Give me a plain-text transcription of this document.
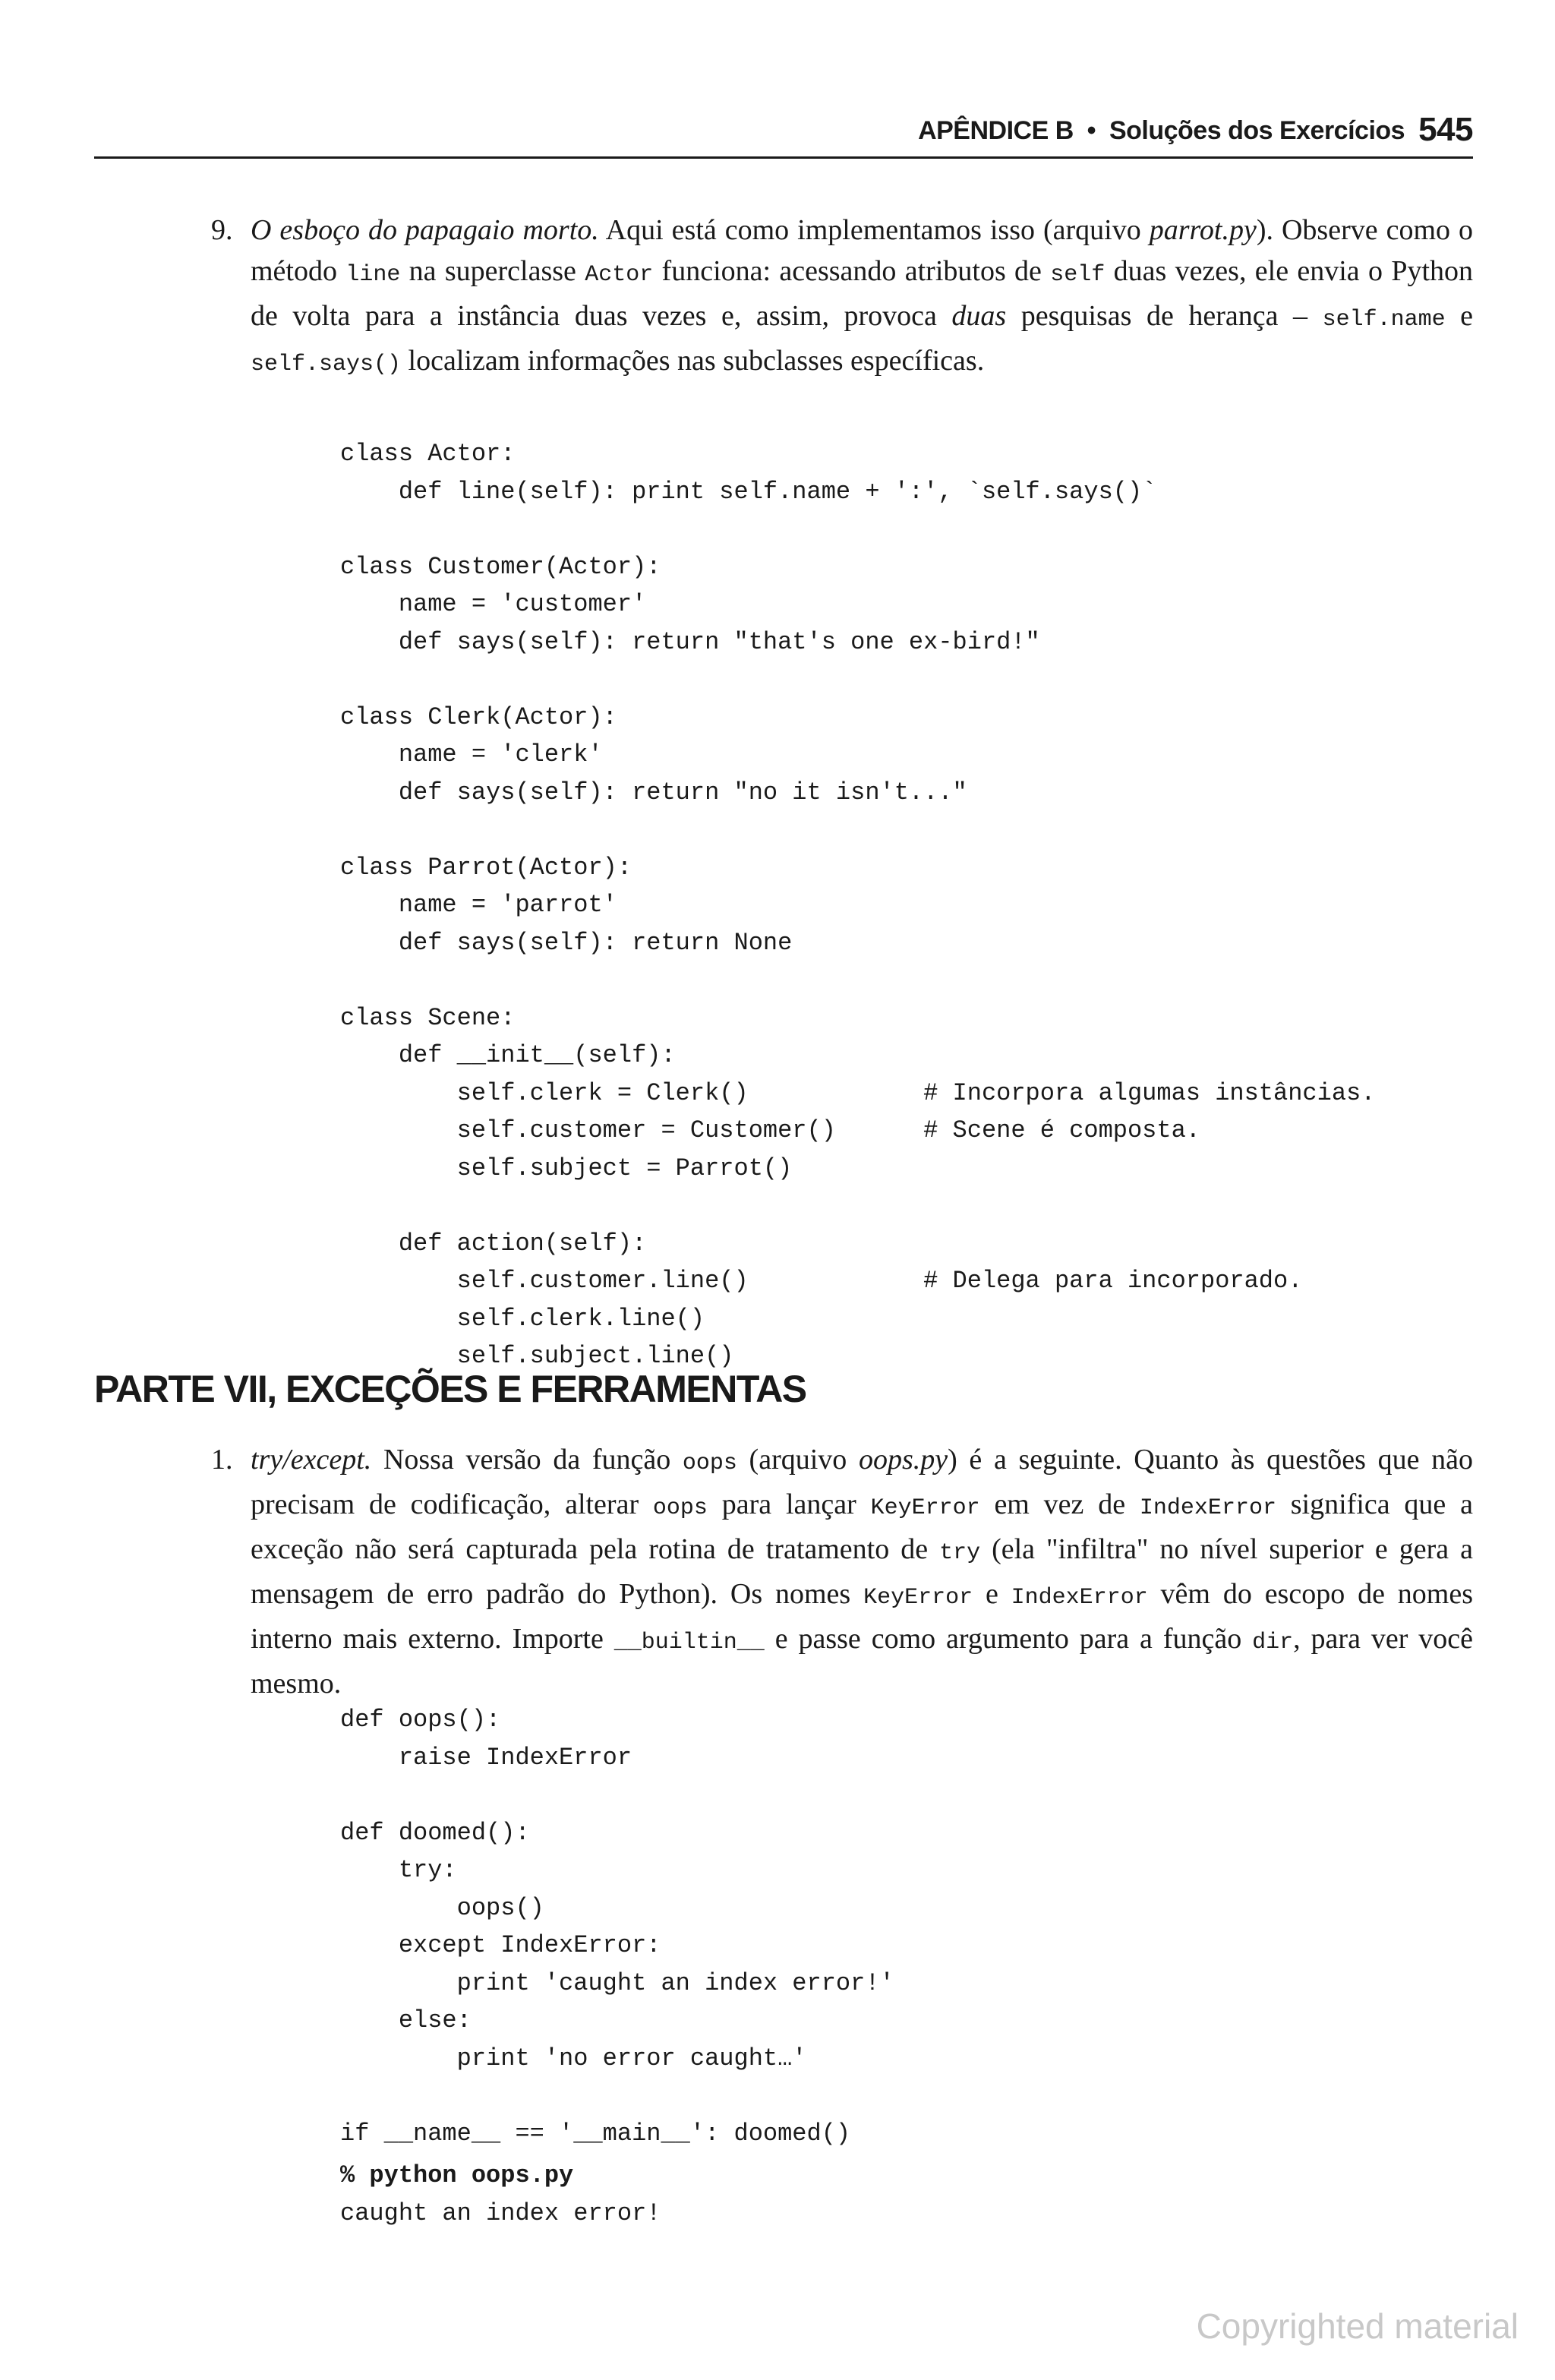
APÊNDICE B  •  Soluções dos Exercícios 545
9. O esboço do papagaio morto. Aqui está como implementamos isso (arquivo parrot.py). Observe como o método line na superclasse Actor funciona: acessando atributos de self duas vezes, ele envia o Python de volta para a instância duas vezes e, assim, provoca duas pesquisas de herança – self.name e self.says() localizam informações nas subclasses específicas.
class Actor:
def line(self): print self.name + ':', `self.says()`

class Customer(Actor):
name = 'customer'
def says(self): return "that's one ex-bird!"

class Clerk(Actor):
name = 'clerk'
def says(self): return "no it isn't..."

class Parrot(Actor):
name = 'parrot'
def says(self): return None

class Scene:
def __init__(self):
self.clerk = Clerk()            # Incorpora algumas instâncias.
self.customer = Customer()      # Scene é composta.
self.subject = Parrot()

def action(self):
self.customer.line()            # Delega para incorporado.
self.clerk.line()
self.subject.line()
PARTE VII, EXCEÇÕES E FERRAMENTAS
1. try/except. Nossa versão da função oops (arquivo oops.py) é a seguinte. Quanto às questões que não precisam de codificação, alterar oops para lançar KeyError em vez de IndexError significa que a exceção não será capturada pela rotina de tratamento de try (ela "infiltra" no nível superior e gera a mensagem de erro padrão do Python). Os nomes KeyError e IndexError vêm do escopo de nomes interno mais externo. Importe __builtin__ e passe como argumento para a função dir, para ver você mesmo.
def oops():
raise IndexError

def doomed():
try:
oops()
except IndexError:
print 'caught an index error!'
else:
print 'no error caught…'

if __name__ == '__main__': doomed()
% python oops.py
caught an index error!
Copyrighted material
